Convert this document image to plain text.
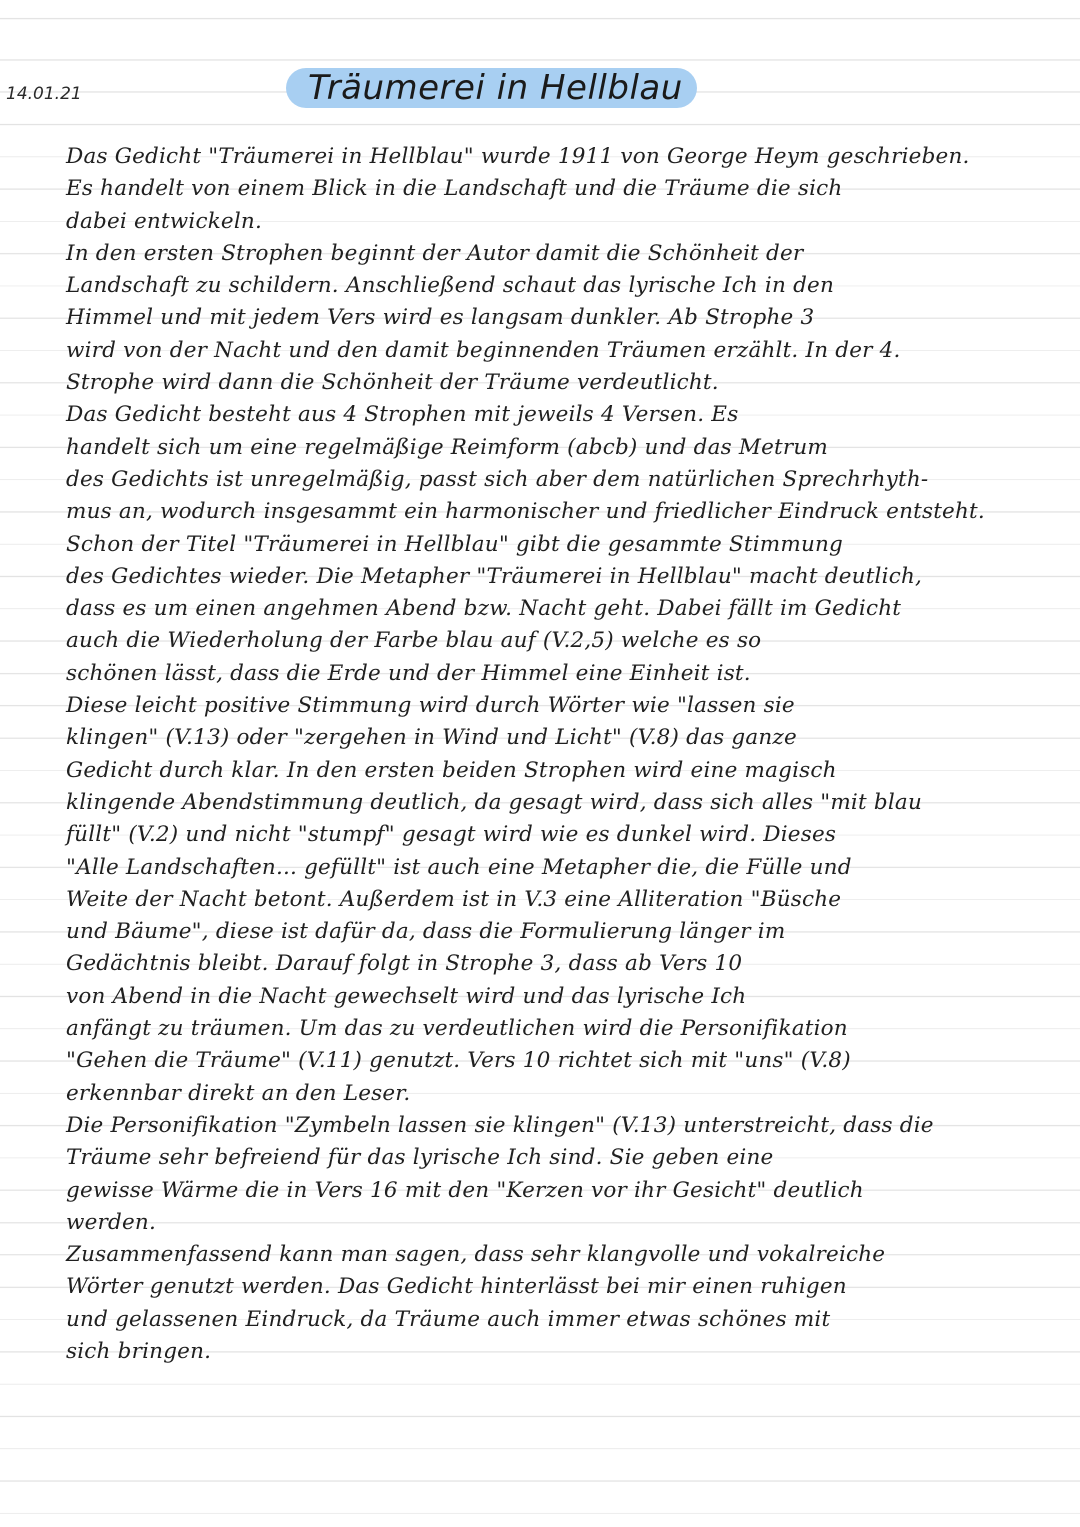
14.01.21	Träumerei in Hellblau
Das Gedicht "Träumerei in Hellblau" wurde 1911 von George Heym geschrieben.
Es handelt von einem Blick in die Landschaft und die Träume die sich
dabei entwickeln.
In den ersten Strophen beginnt der Autor damit die Schönheit der
Landschaft zu schildern. Anschließend schaut das lyrische Ich in den
Himmel und mit jedem Vers wird es langsam dunkler. Ab Strophe 3
wird von der Nacht und den damit beginnenden Träumen erzählt. In der 4.
Strophe wird dann die Schönheit der Träume verdeutlicht.
Das Gedicht besteht aus 4 Strophen mit jeweils 4 Versen. Es
handelt sich um eine regelmäßige Reimform (abcb) und das Metrum
des Gedichts ist unregelmäßig, passt sich aber dem natürlichen Sprechrhyth-
mus an, wodurch insgesammt ein harmonischer und friedlicher Eindruck entsteht.
Schon der Titel "Träumerei in Hellblau" gibt die gesammte Stimmung
des Gedichtes wieder. Die Metapher "Träumerei in Hellblau" macht deutlich,
dass es um einen angehmen Abend bzw. Nacht geht. Dabei fällt im Gedicht
auch die Wiederholung der Farbe blau auf (V.2,5) welche es so
schönen lässt, dass die Erde und der Himmel eine Einheit ist.
Diese leicht positive Stimmung wird durch Wörter wie "lassen sie
klingen" (V.13) oder "zergehen in Wind und Licht" (V.8) das ganze
Gedicht durch klar. In den ersten beiden Strophen wird eine magisch
klingende Abendstimmung deutlich, da gesagt wird, dass sich alles "mit blau
füllt" (V.2) und nicht "stumpf" gesagt wird wie es dunkel wird. Dieses
"Alle Landschaften... gefüllt" ist auch eine Metapher die, die Fülle und
Weite der Nacht betont. Außerdem ist in V.3 eine Alliteration "Büsche
und Bäume", diese ist dafür da, dass die Formulierung länger im
Gedächtnis bleibt. Darauf folgt in Strophe 3, dass ab Vers 10
von Abend in die Nacht gewechselt wird und das lyrische Ich
anfängt zu träumen. Um das zu verdeutlichen wird die Personifikation
"Gehen die Träume" (V.11) genutzt. Vers 10 richtet sich mit "uns" (V.8)
erkennbar direkt an den Leser.
Die Personifikation "Zymbeln lassen sie klingen" (V.13) unterstreicht, dass die
Träume sehr befreiend für das lyrische Ich sind. Sie geben eine
gewisse Wärme die in Vers 16 mit den "Kerzen vor ihr Gesicht" deutlich
werden.
Zusammenfassend kann man sagen, dass sehr klangvolle und vokalreiche
Wörter genutzt werden. Das Gedicht hinterlässt bei mir einen ruhigen
und gelassenen Eindruck, da Träume auch immer etwas schönes mit
sich bringen.
